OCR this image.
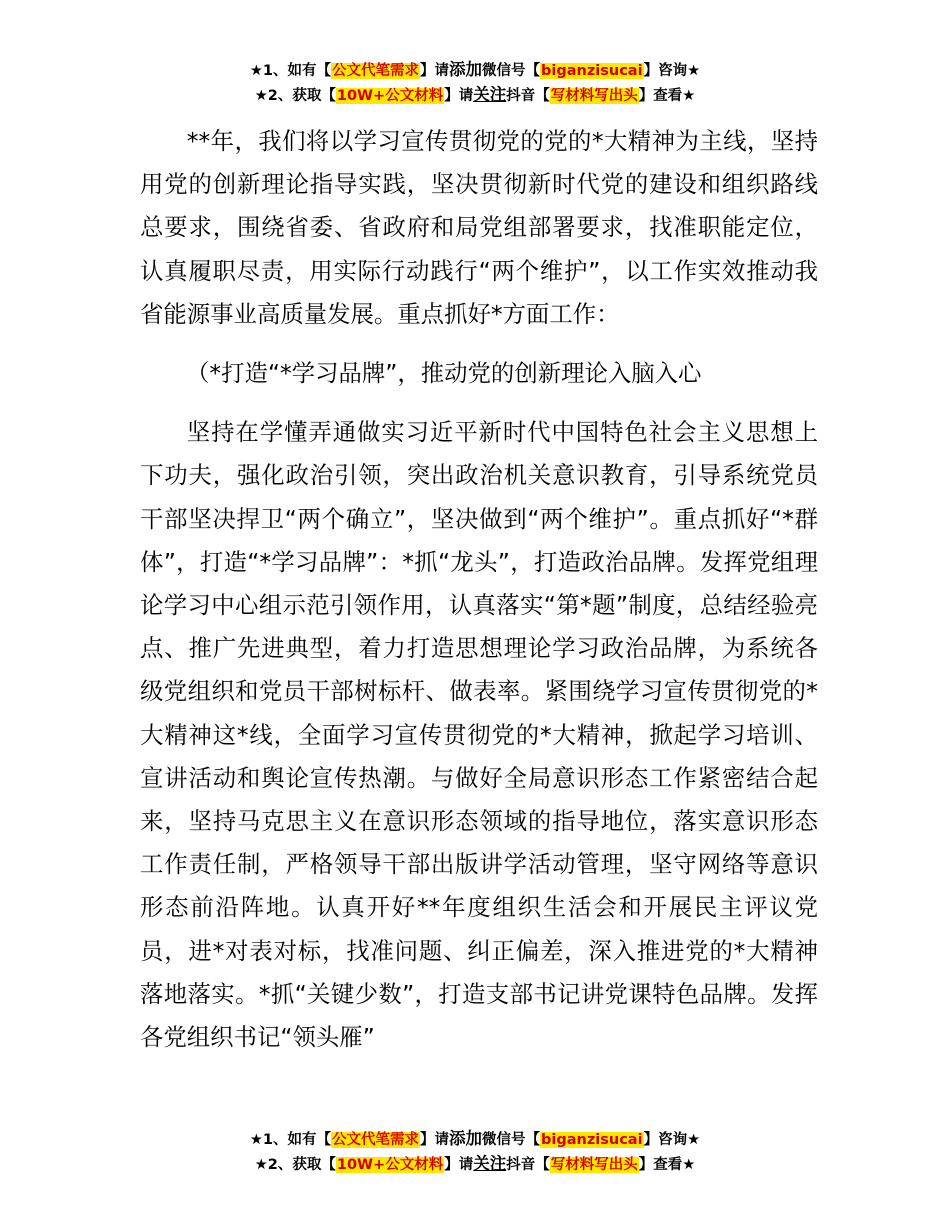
★1、如有【公文代笔需求】请添加微信号【biganzisucai】咨询★
★2、获取【10W+公文材料】请关注抖音【写材料写出头】查看★

**年，我们将以学习宣传贯彻党的党的*大精神为主线，坚持用党的创新理论指导实践，坚决贯彻新时代党的建设和组织路线总要求，围绕省委、省政府和局党组部署要求，找准职能定位，认真履职尽责，用实际行动践行“两个维护”，以工作实效推动我省能源事业高质量发展。重点抓好*方面工作：

（*打造“*学习品牌”，推动党的创新理论入脑入心

坚持在学懂弄通做实习近平新时代中国特色社会主义思想上下功夫，强化政治引领，突出政治机关意识教育，引导系统党员干部坚决捍卫“两个确立”，坚决做到“两个维护”。重点抓好“*群体”，打造“*学习品牌”：*抓“龙头”，打造政治品牌。发挥党组理论学习中心组示范引领作用，认真落实“第*题”制度，总结经验亮点、推广先进典型，着力打造思想理论学习政治品牌，为系统各级党组织和党员干部树标杆、做表率。紧围绕学习宣传贯彻党的*大精神这*线，全面学习宣传贯彻党的*大精神，掀起学习培训、宣讲活动和舆论宣传热潮。与做好全局意识形态工作紧密结合起来，坚持马克思主义在意识形态领域的指导地位，落实意识形态工作责任制，严格领导干部出版讲学活动管理，坚守网络等意识形态前沿阵地。认真开好**年度组织生活会和开展民主评议党员，进*对表对标，找准问题、纠正偏差，深入推进党的*大精神落地落实。*抓“关键少数”，打造支部书记讲党课特色品牌。发挥各党组织书记“领头雁”

★1、如有【公文代笔需求】请添加微信号【biganzisucai】咨询★
★2、获取【10W+公文材料】请关注抖音【写材料写出头】查看★
